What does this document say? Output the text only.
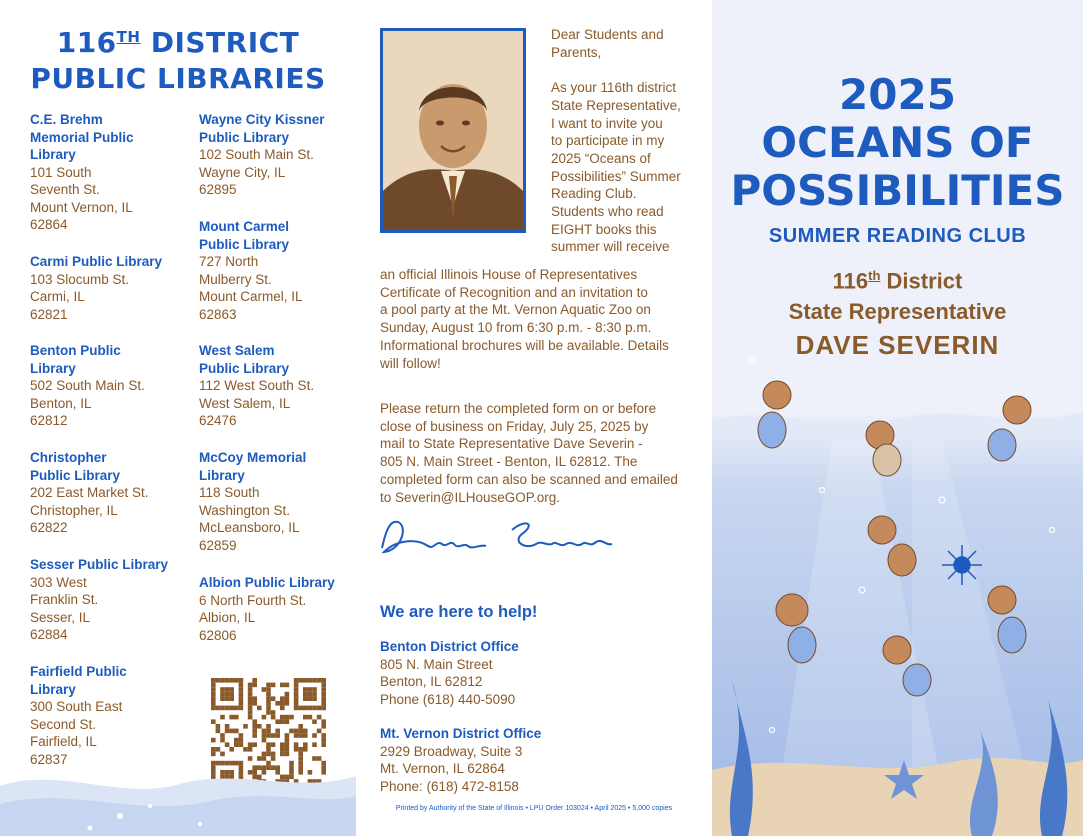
116TH DISTRICT
PUBLIC LIBRARIES
C.E. Brehm
Memorial Public
Library
101 South
Seventh St.
Mount Vernon, IL
62864
Carmi Public Library
103 Slocumb St.
Carmi, IL
62821
Benton Public
Library
502 South Main St.
Benton, IL
62812
Christopher
Public Library
202 East Market St.
Christopher, IL
62822
Sesser Public Library
303 West
Franklin St.
Sesser, IL
62884
Fairfield Public
Library
300 South East
Second St.
Fairfield, IL
62837
Wayne City Kissner
Public Library
102 South Main St.
Wayne City, IL
62895
Mount Carmel
Public Library
727 North
Mulberry St.
Mount Carmel, IL
62863
West Salem
Public Library
112 West South St.
West Salem, IL
62476
McCoy Memorial
Library
118 South
Washington St.
McLeansboro, IL
62859
Albion Public Library
6 North Fourth St.
Albion, IL
62806
Dear Students and
Parents,

As your 116th district
State Representative,
I want to invite you
to participate in my
2025 “Oceans of
Possibilities” Summer
Reading Club.
Students who read
EIGHT books this
summer will receive
an official Illinois House of Representatives
Certificate of Recognition and an invitation to
a pool party at the Mt. Vernon Aquatic Zoo on
Sunday, August 10 from 6:30 p.m. - 8:30 p.m.
Informational brochures will be available. Details
will follow!
Please return the completed form on or before
close of business on Friday, July 25, 2025 by
mail to State Representative Dave Severin -
805 N. Main Street - Benton, IL 62812. The
completed form can also be scanned and emailed
to Severin@ILHouseGOP.org.
We are here to help!
Benton District Office
805 N. Main Street
Benton, IL 62812
Phone (618) 440-5090
Mt. Vernon District Office
2929 Broadway, Suite 3
Mt. Vernon, IL 62864
Phone: (618) 472-8158
Printed by Authority of the State of Illinois • LPU Order 103024 • April 2025 • 5,000 copies
2025
OCEANS OF
POSSIBILITIES
SUMMER READING CLUB
116th District
State Representative
DAVE SEVERIN
